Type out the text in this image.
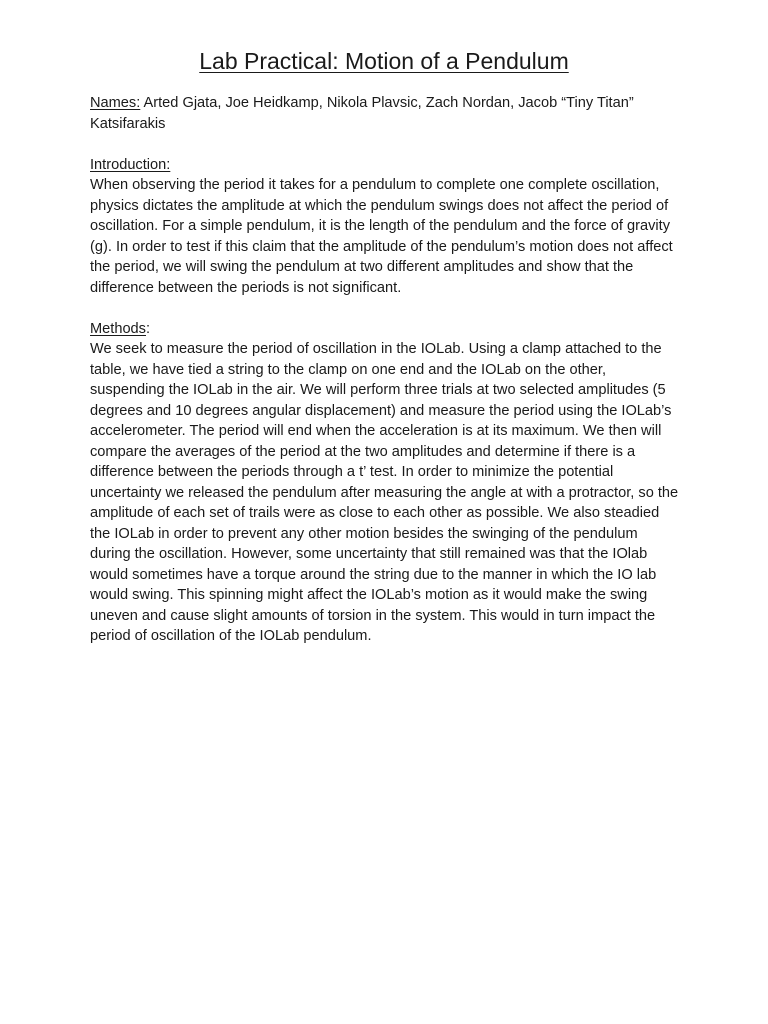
Lab Practical: Motion of a Pendulum

Names: Arted Gjata, Joe Heidkamp, Nikola Plavsic, Zach Nordan, Jacob “Tiny Titan” Katsifarakis

Introduction:

When observing the period it takes for a pendulum to complete one complete oscillation, physics dictates the amplitude at which the pendulum swings does not affect the period of oscillation. For a simple pendulum, it is the length of the pendulum and the force of gravity (g). In order to test if this claim that the amplitude of the pendulum’s motion does not affect the period, we will swing the pendulum at two different amplitudes and show that the difference between the periods is not significant.

Methods:

We seek to measure the period of oscillation in the IOLab. Using a clamp attached to the table, we have tied a string to the clamp on one end and the IOLab on the other, suspending the IOLab in the air. We will perform three trials at two selected amplitudes (5 degrees and 10 degrees angular displacement) and measure the period using the IOLab’s accelerometer. The period will end when the acceleration is at its maximum. We then will compare the averages of the period at the two amplitudes and determine if there is a difference between the periods through a t’ test. In order to minimize the potential uncertainty we released the pendulum after measuring the angle at with a protractor, so the amplitude of each set of trails were as close to each other as possible. We also steadied the IOLab in order to prevent any other motion besides the swinging of the pendulum during the oscillation. However, some uncertainty that still remained was that the IOlab would sometimes have a torque around the string due to the manner in which the IO lab would swing. This spinning might affect the IOLab’s motion as it would make the swing uneven and cause slight amounts of torsion in the system. This would in turn impact the period of oscillation of the IOLab pendulum.
